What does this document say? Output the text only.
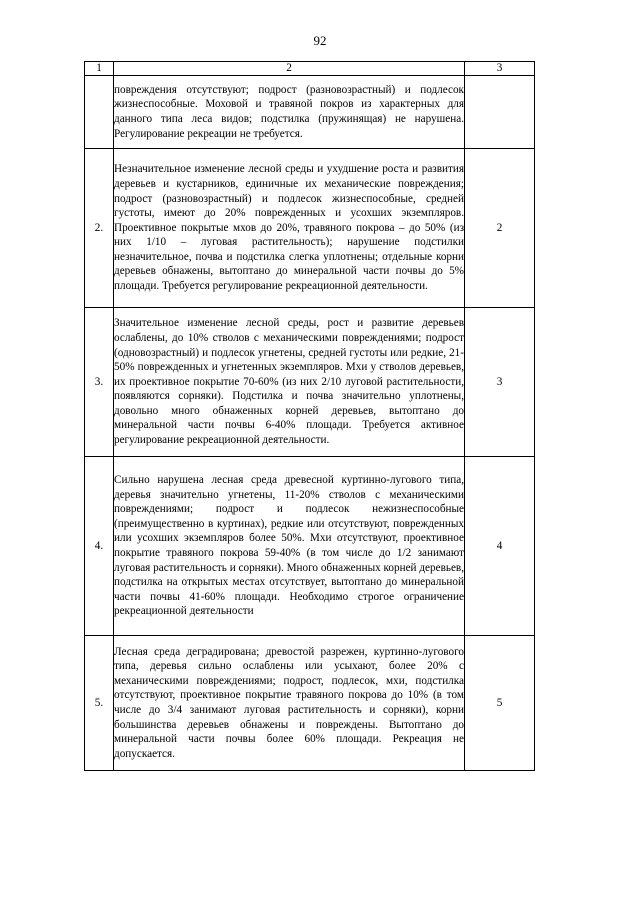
92
1	2	3
	повреждения отсутствуют; подрост (разновозрастный) и подлесок жизнеспособные. Моховой и травяной покров из характерных для данного типа леса видов; подстилка (пружинящая) не нарушена. Регулирование рекреации не требуется.	
2.	Незначительное изменение лесной среды и ухудшение роста и развития деревьев и кустарников, единичные их механические повреждения; подрост (разновозрастный) и подлесок жизнеспособные, средней густоты, имеют до 20% поврежденных и усохших экземпляров. Проективное покрытые мхов до 20%, травяного покрова – до 50% (из них 1/10 – луговая растительность); нарушение подстилки незначительное, почва и подстилка слегка уплотнены; отдельные корни деревьев обнажены, вытоптано до минеральной части почвы до 5% площади. Требуется регулирование рекреационной деятельности.	2
3.	Значительное изменение лесной среды, рост и развитие деревьев ослаблены, до 10% стволов с механическими повреждениями; подрост (одновозрастный) и подлесок угнетены, средней густоты или редкие, 21-50% поврежденных и угнетенных экземпляров. Мхи у стволов деревьев, их проективное покрытие 70-60% (из них 2/10 луговой растительности, появляются сорняки). Подстилка и почва значительно уплотнены, довольно много обнаженных корней деревьев, вытоптано до минеральной части почвы 6-40% площади. Требуется активное регулирование рекреационной деятельности.	3
4.	Сильно нарушена лесная среда древесной куртинно-лугового типа, деревья значительно угнетены, 11-20% стволов с механическими повреждениями; подрост и подлесок нежизнеспособные (преимущественно в куртинах), редкие или отсутствуют, поврежденных или усохших экземпляров более 50%. Мхи отсутствуют, проективное покрытие травяного покрова 59-40% (в том числе до 1/2 занимают луговая растительность и сорняки). Много обнаженных корней деревьев, подстилка на открытых местах отсутствует, вытоптано до минеральной части почвы 41-60% площади. Необходимо строгое ограничение рекреационной деятельности	4
5.	Лесная среда деградирована; древостой разрежен, куртинно-лугового типа, деревья сильно ослаблены или усыхают, более 20% с механическими повреждениями; подрост, подлесок, мхи, подстилка отсутствуют, проективное покрытие травяного покрова до 10% (в том числе до 3/4 занимают луговая растительность и сорняки), корни большинства деревьев обнажены и повреждены. Вытоптано до минеральной части почвы более 60% площади. Рекреация не допускается.	5
